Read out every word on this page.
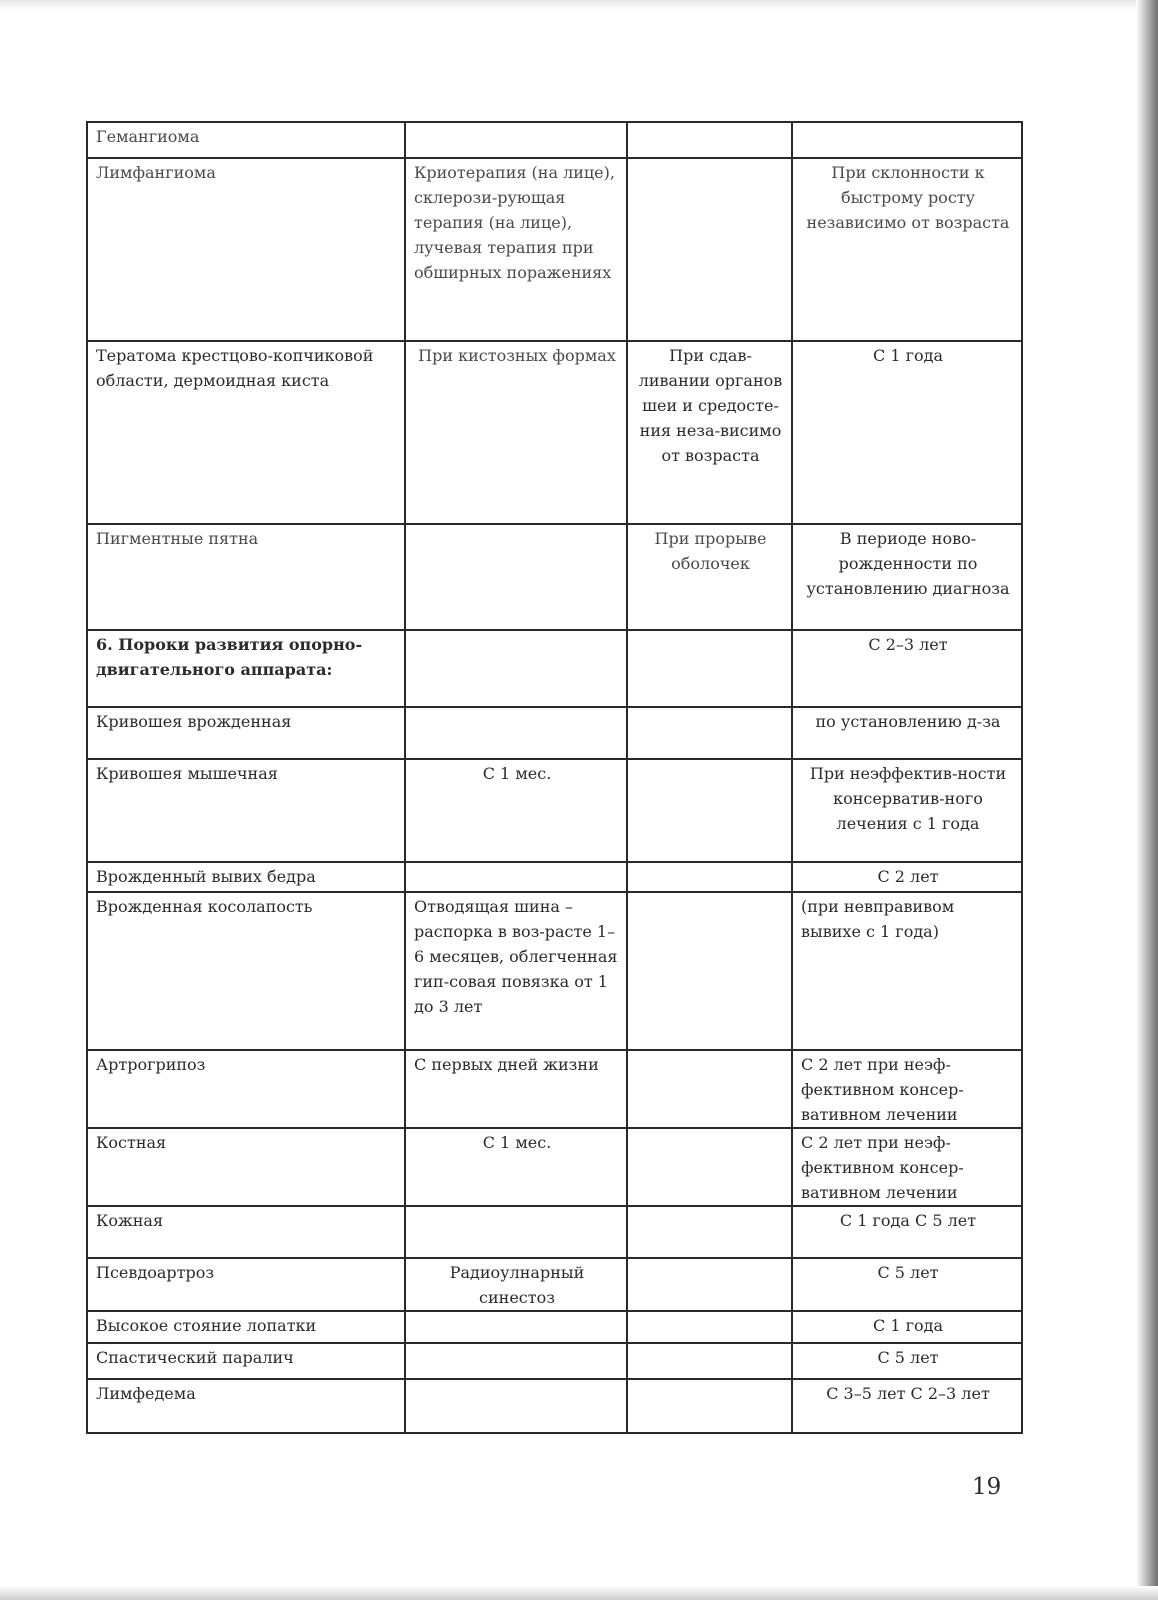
Гемангиома			
Лимфангиома	Криотерапия (на лице), склерози-рующая терапия (на лице), лучевая терапия при обширных поражениях		При склонности к быстрому росту независимо от возраста
Тератома крестцово-копчиковой области, дермоидная киста	При кистозных формах	При сдав-ливании органов шеи и средосте-ния неза-висимо от возраста	С 1 года
Пигментные пятна		При прорыве оболочек	В периоде ново-рожденности по установлению диагноза
6. Пороки развития опорно-двигательного аппарата:			С 2–3 лет
Кривошея врожденная			по установлению д-за
Кривошея мышечная	С 1 мес.		При неэффектив-ности консерватив-ного лечения с 1 года
Врожденный вывих бедра			С 2 лет
Врожденная косолапость	Отводящая шина – распорка в воз-расте 1–6 месяцев, облегченная гип-совая повязка от 1 до 3 лет		(при невправивом вывихе с 1 года)
Артрогрипоз	С первых дней жизни		С 2 лет при неэф-фективном консер-вативном лечении
Костная	С 1 мес.		С 2 лет при неэф-фективном консер-вативном лечении
Кожная			С 1 года С 5 лет
Псевдоартроз	Радиоулнарный синестоз		С 5 лет
Высокое стояние лопатки			С 1 года
Спастический паралич			С 5 лет
Лимфедема			С 3–5 лет С 2–3 лет
19
